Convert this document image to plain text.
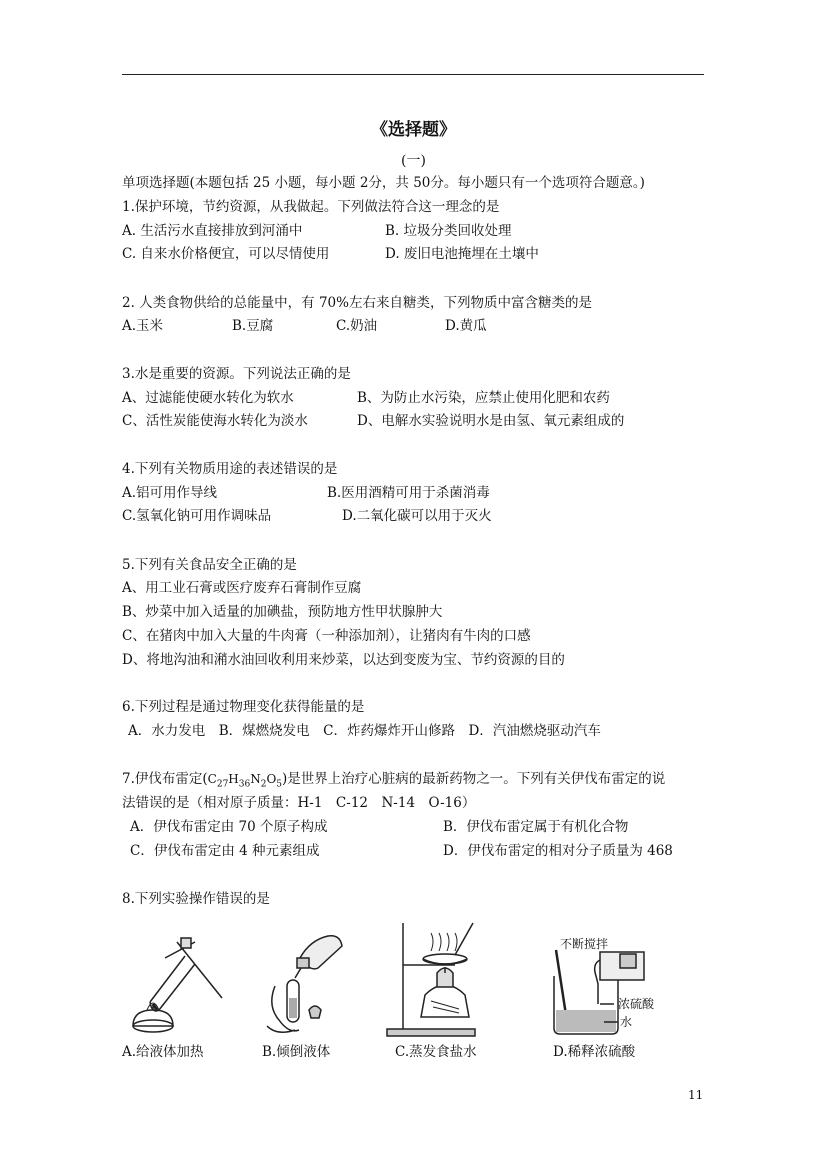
《选择题》
(一)
单项选择题(本题包括 25 小题，每小题 2分，共 50分。每小题只有一个选项符合题意。)
1.保护环境，节约资源，从我做起。下列做法符合这一理念的是
A. 生活污水直接排放到河涌中	B. 垃圾分类回收处理
C. 自来水价格便宜，可以尽情使用	D. 废旧电池掩埋在土壤中
2. 人类食物供给的总能量中，有 70%左右来自糖类，下列物质中富含糖类的是
A.玉米	B.豆腐	C.奶油	D.黄瓜
3.水是重要的资源。下列说法正确的是
A、过滤能使硬水转化为软水	B、为防止水污染，应禁止使用化肥和农药
C、活性炭能使海水转化为淡水	D、电解水实验说明水是由氢、氧元素组成的
4.下列有关物质用途的表述错误的是
A.铝可用作导线	B.医用酒精可用于杀菌消毒
C.氢氧化钠可用作调味品	D.二氧化碳可以用于灭火
5.下列有关食品安全正确的是
A、用工业石膏或医疗废弃石膏制作豆腐
B、炒菜中加入适量的加碘盐，预防地方性甲状腺肿大
C、在猪肉中加入大量的牛肉膏（一种添加剂），让猪肉有牛肉的口感
D、将地沟油和潲水油回收利用来炒菜，以达到变废为宝、节约资源的目的
6.下列过程是通过物理变化获得能量的是
A．水力发电　B．煤燃烧发电　C．炸药爆炸开山修路　D．汽油燃烧驱动汽车
7.伊伐布雷定$(C_{27}H_{36}N_2O_5)$是世界上治疗心脏病的最新药物之一。下列有关伊伐布雷定的说
法错误的是（相对原子质量：H-1　C-12　N-14　O-16）
A．伊伐布雷定由 70 个原子构成	B．伊伐布雷定属于有机化合物
C．伊伐布雷定由 4 种元素组成	D．伊伐布雷定的相对分子质量为 468
8.下列实验操作错误的是
不断搅拌
浓硫酸
水
A.给液体加热	B.倾倒液体	C.蒸发食盐水	D.稀释浓硫酸
11
